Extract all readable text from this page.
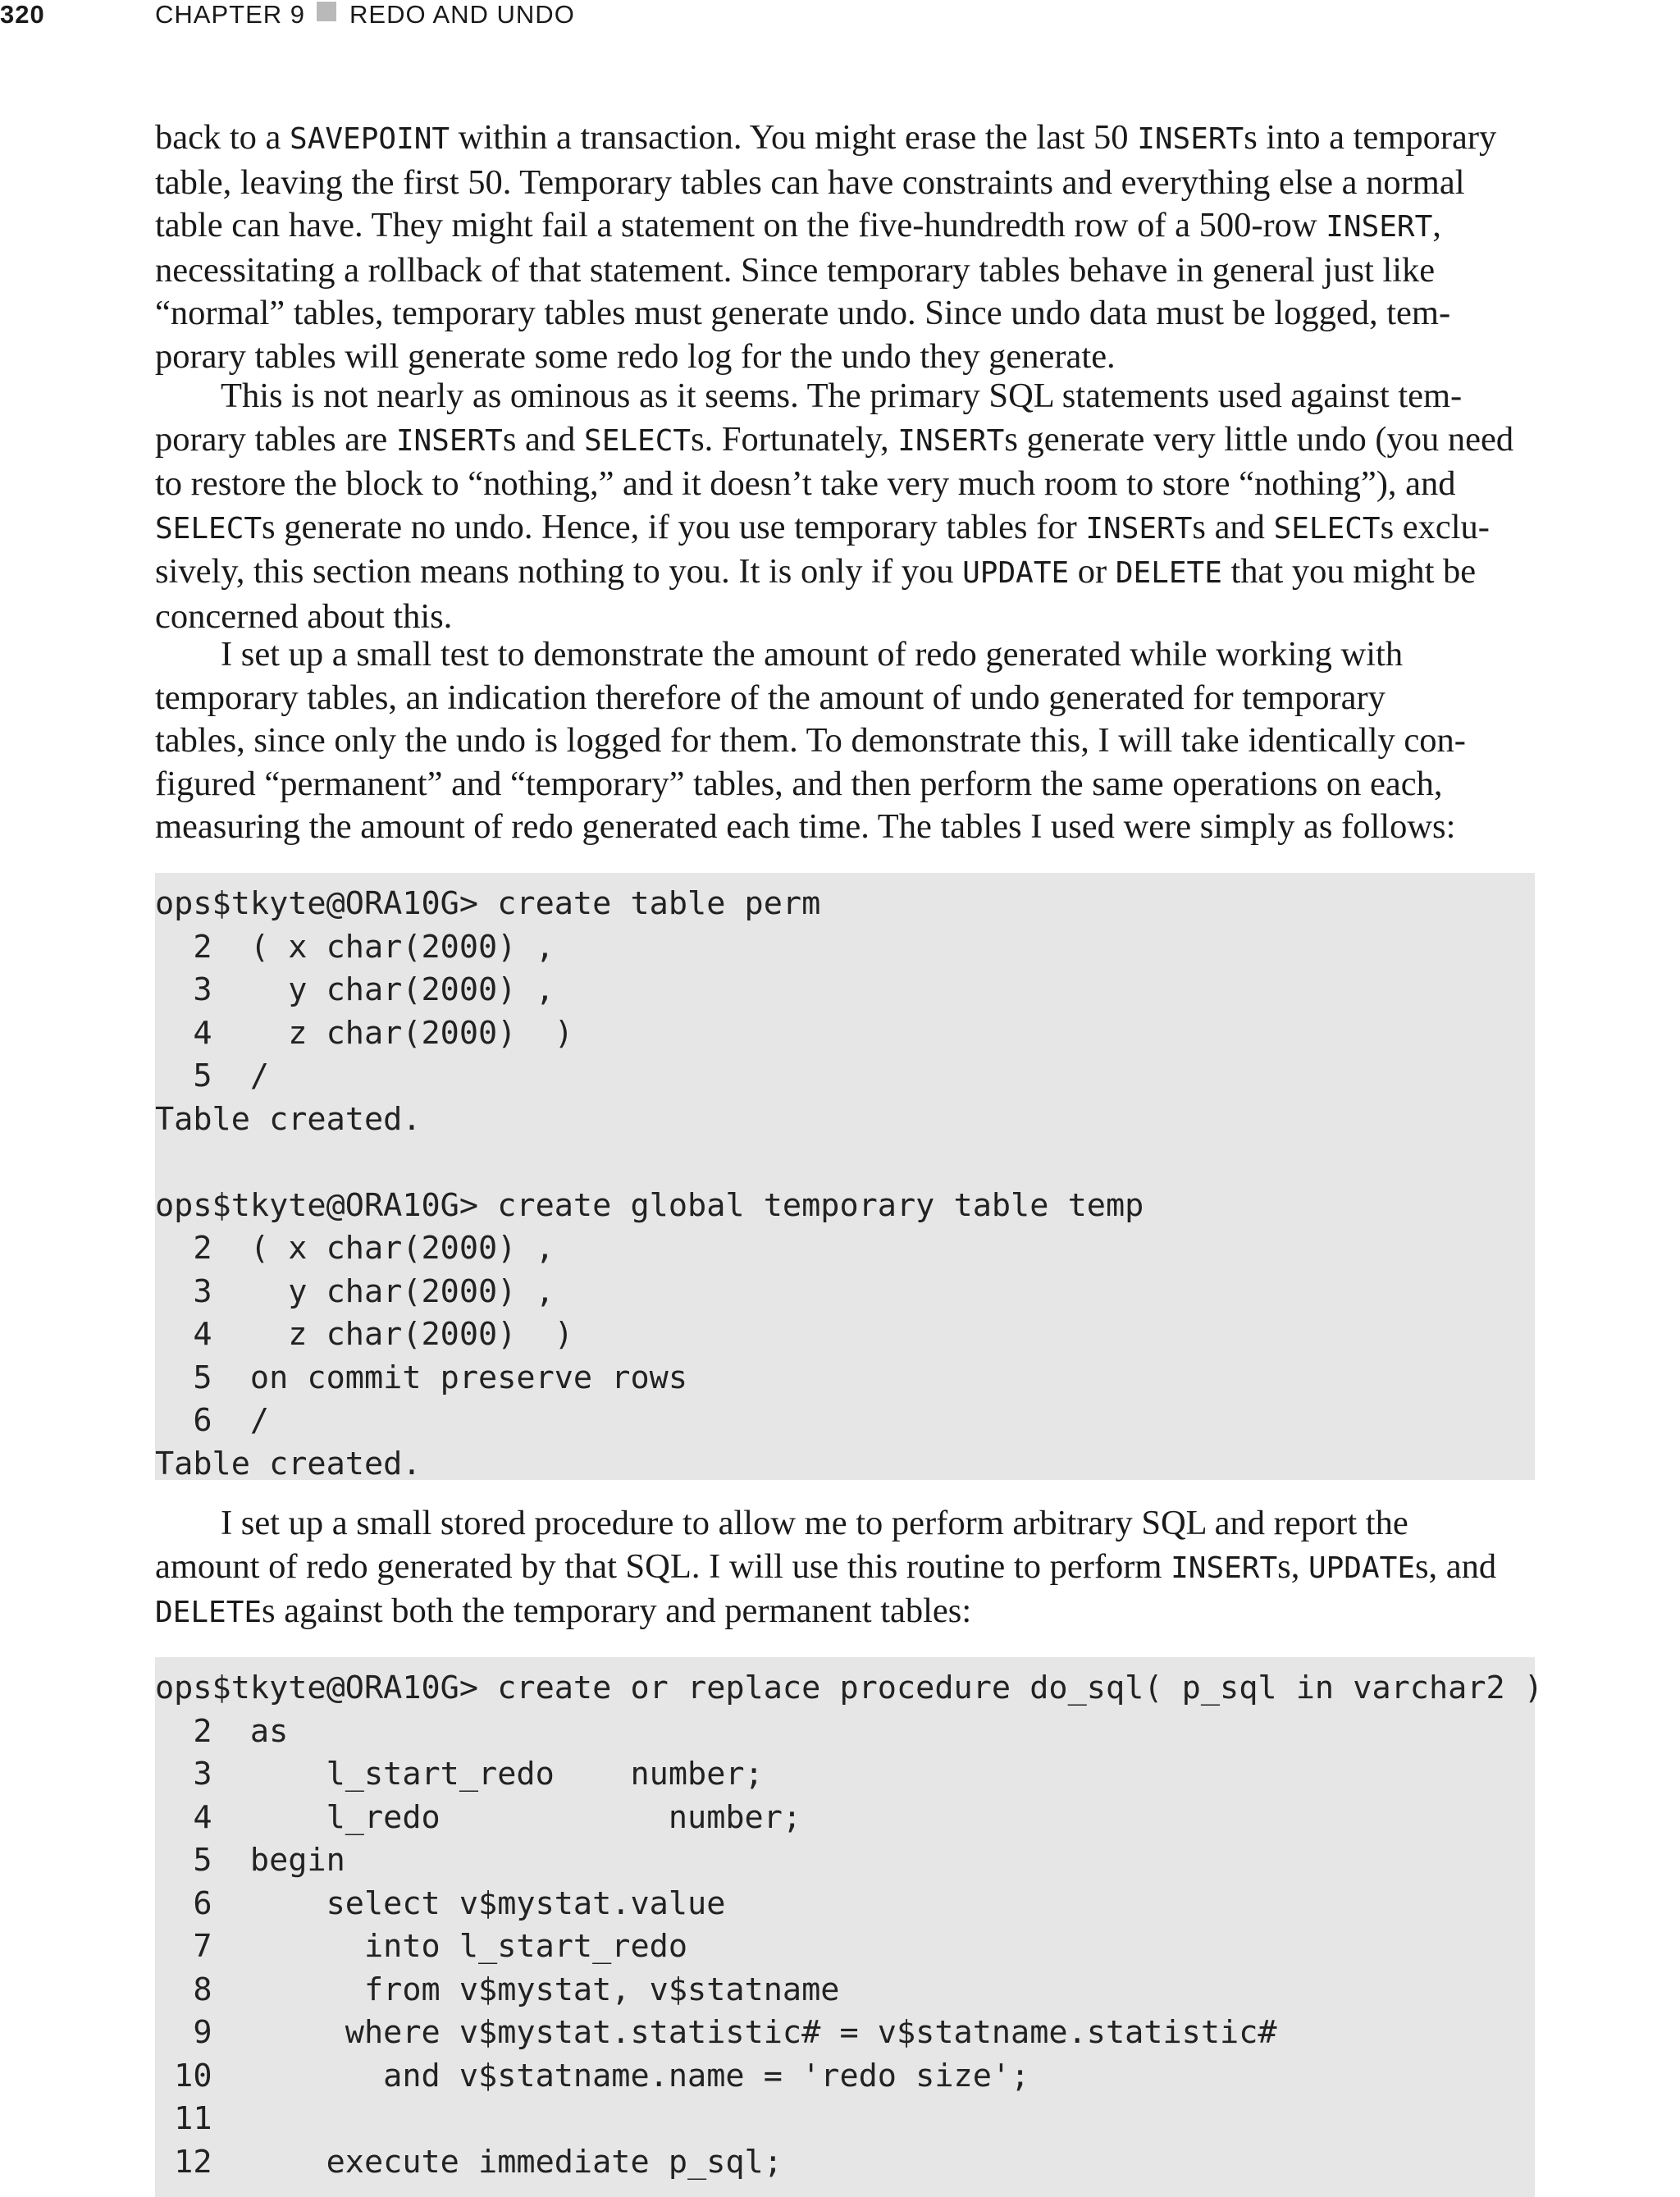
320	CHAPTER 9 REDO AND UNDO
back to a SAVEPOINT within a transaction. You might erase the last 50 INSERTs into a temporary
table, leaving the first 50. Temporary tables can have constraints and everything else a normal
table can have. They might fail a statement on the five-hundredth row of a 500-row INSERT,
necessitating a rollback of that statement. Since temporary tables behave in general just like
“normal” tables, temporary tables must generate undo. Since undo data must be logged, tem-
porary tables will generate some redo log for the undo they generate.
This is not nearly as ominous as it seems. The primary SQL statements used against tem-
porary tables are INSERTs and SELECTs. Fortunately, INSERTs generate very little undo (you need
to restore the block to “nothing,” and it doesn’t take very much room to store “nothing”), and
SELECTs generate no undo. Hence, if you use temporary tables for INSERTs and SELECTs exclu-
sively, this section means nothing to you. It is only if you UPDATE or DELETE that you might be
concerned about this.
I set up a small test to demonstrate the amount of redo generated while working with
temporary tables, an indication therefore of the amount of undo generated for temporary
tables, since only the undo is logged for them. To demonstrate this, I will take identically con-
figured “permanent” and “temporary” tables, and then perform the same operations on each,
measuring the amount of redo generated each time. The tables I used were simply as follows:
ops$tkyte@ORA10G> create table perm
2  ( x char(2000) ,
3    y char(2000) ,
4    z char(2000)  )
5  /
Table created.
ops$tkyte@ORA10G> create global temporary table temp
2  ( x char(2000) ,
3    y char(2000) ,
4    z char(2000)  )
5  on commit preserve rows
6  /
Table created.
I set up a small stored procedure to allow me to perform arbitrary SQL and report the
amount of redo generated by that SQL. I will use this routine to perform INSERTs, UPDATEs, and
DELETEs against both the temporary and permanent tables:
ops$tkyte@ORA10G> create or replace procedure do_sql( p_sql in varchar2 )
2  as
3      l_start_redo    number;
4      l_redo            number;
5  begin
6      select v$mystat.value
7        into l_start_redo
8        from v$mystat, v$statname
9       where v$mystat.statistic# = v$statname.statistic#
10         and v$statname.name = 'redo size';
11
12      execute immediate p_sql;
